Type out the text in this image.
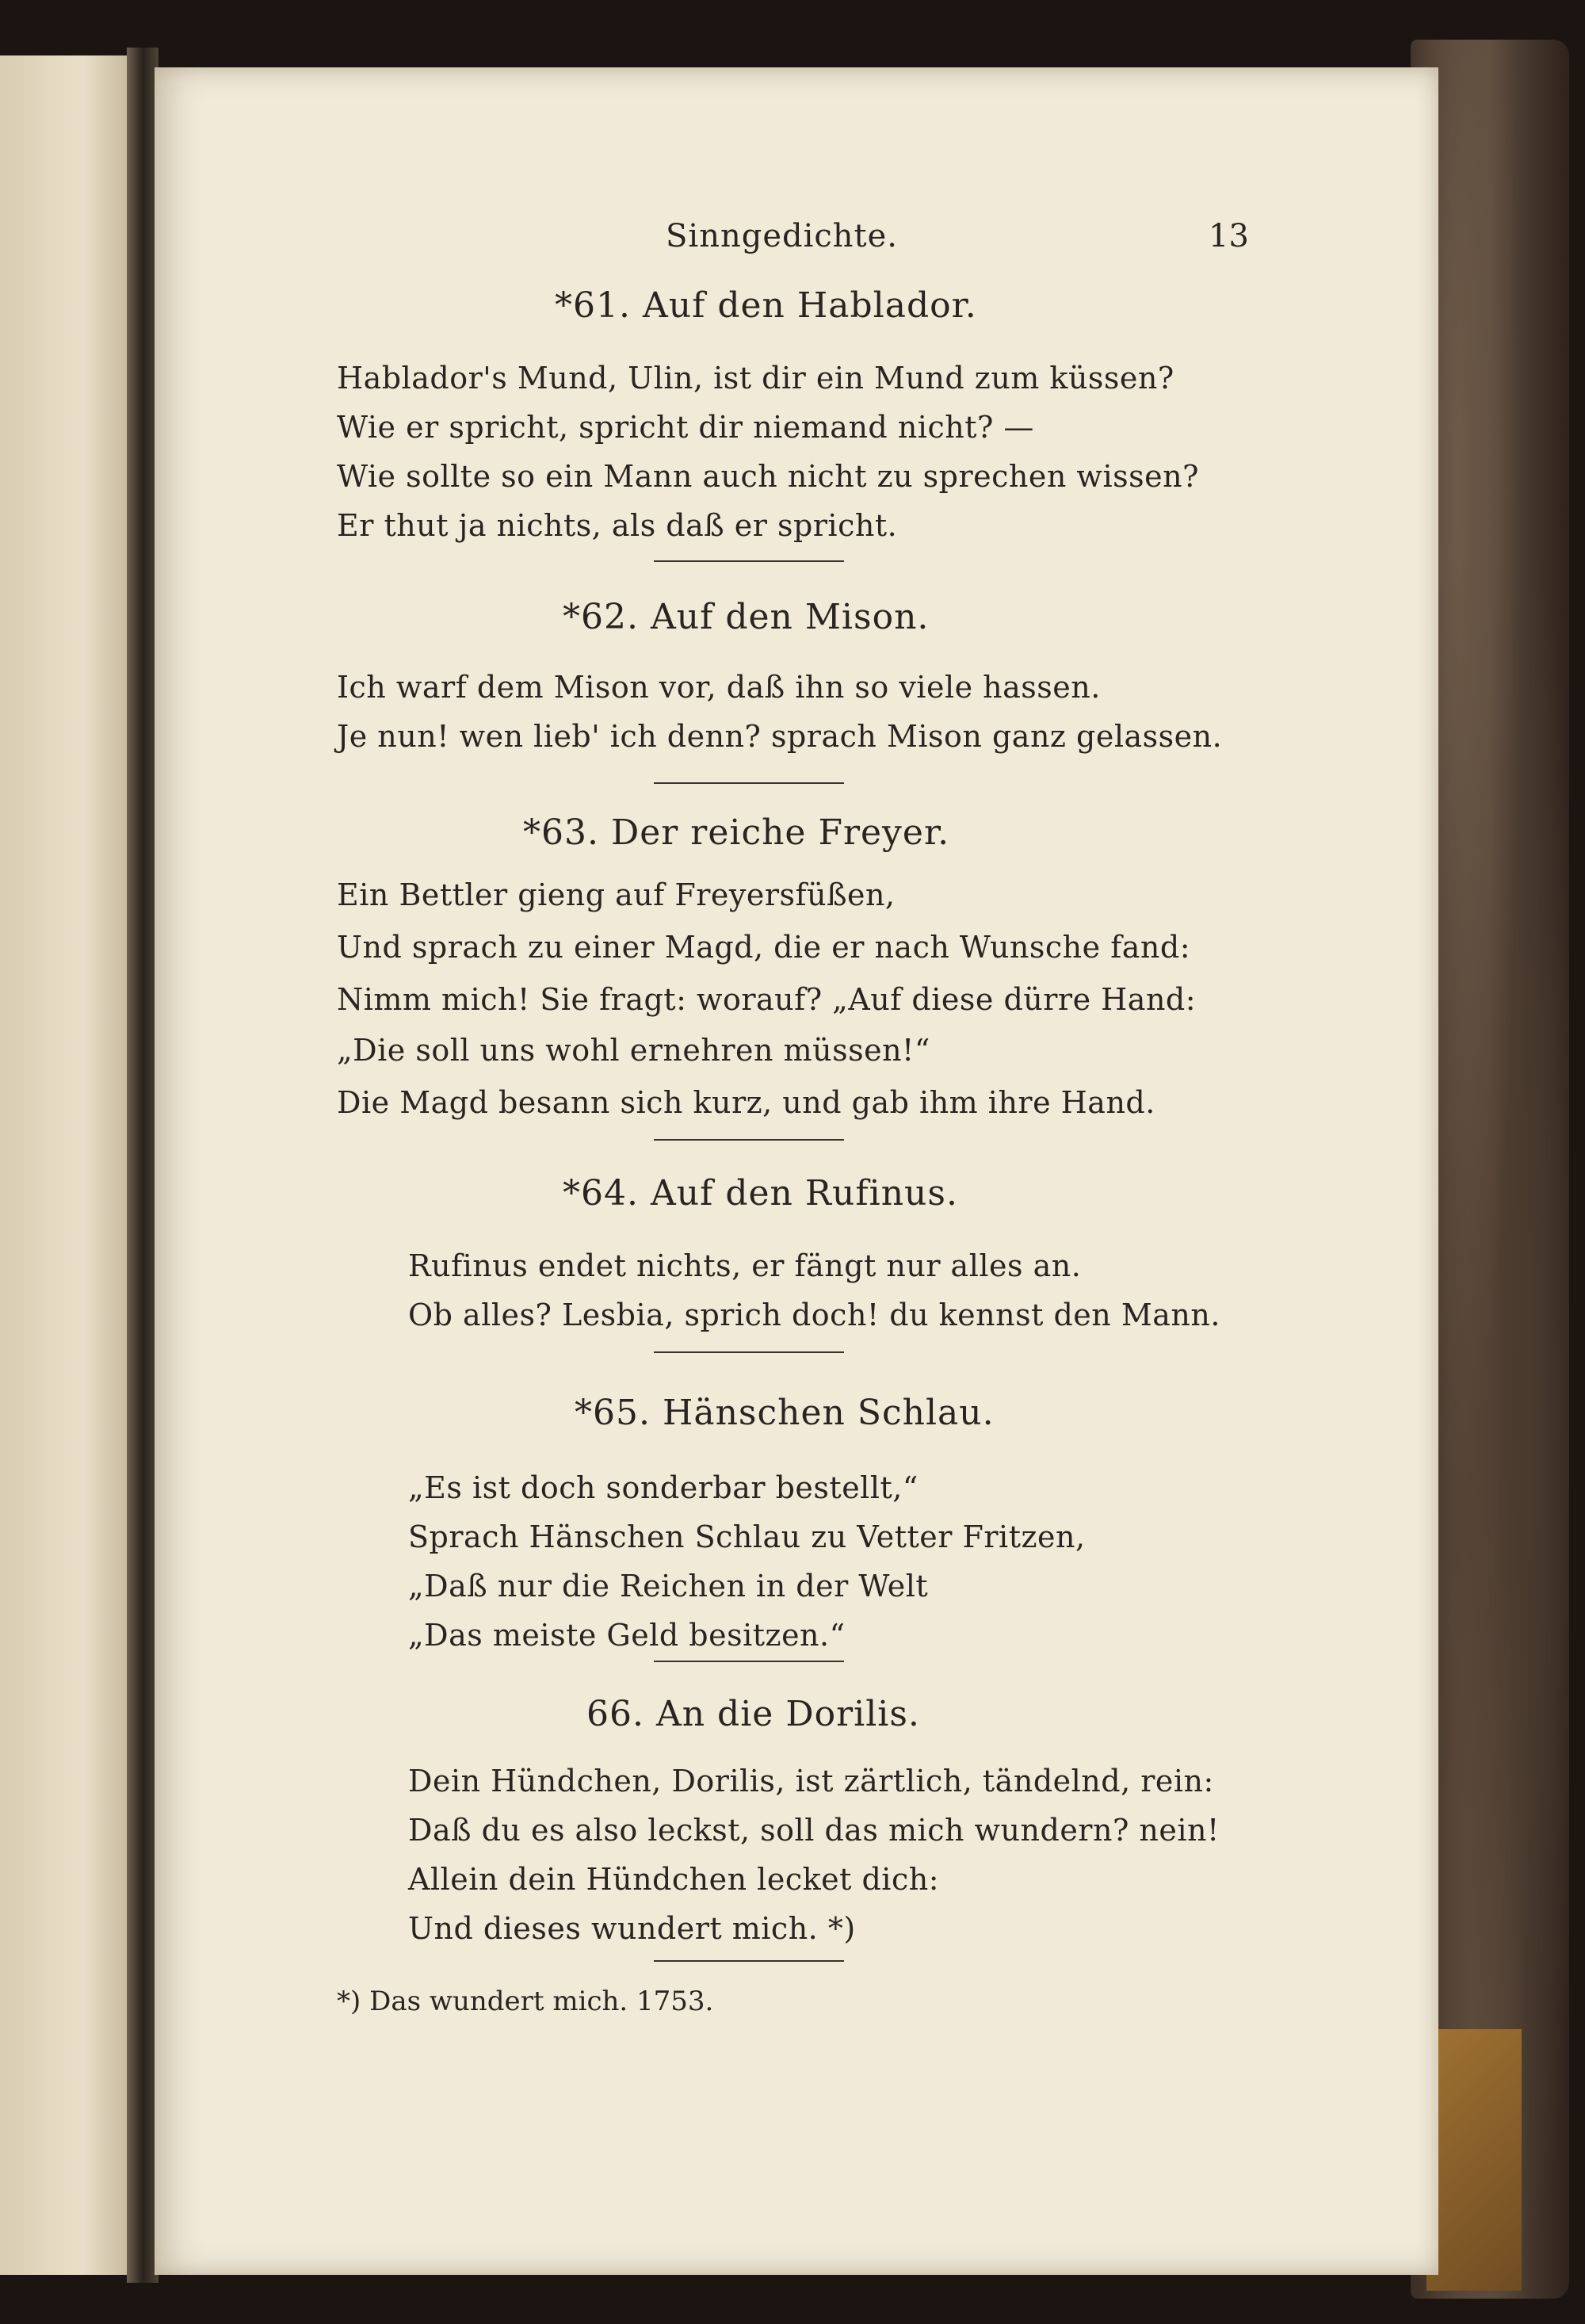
Sinngedichte.	13
*61. Auf den Hablador.
Hablador's Mund, Ulin, ist dir ein Mund zum küssen?
Wie er spricht, spricht dir niemand nicht? —
Wie sollte so ein Mann auch nicht zu sprechen wissen?
Er thut ja nichts, als daß er spricht.
*62. Auf den Mison.
Ich warf dem Mison vor, daß ihn so viele hassen.
Je nun! wen lieb' ich denn? sprach Mison ganz gelassen.
*63. Der reiche Freyer.
Ein Bettler gieng auf Freyersfüßen,
Und sprach zu einer Magd, die er nach Wunsche fand:
Nimm mich! Sie fragt: worauf? „Auf diese dürre Hand:
„Die soll uns wohl ernehren müssen!“
Die Magd besann sich kurz, und gab ihm ihre Hand.
*64. Auf den Rufinus.
Rufinus endet nichts, er fängt nur alles an.
Ob alles? Lesbia, sprich doch! du kennst den Mann.
*65. Hänschen Schlau.
„Es ist doch sonderbar bestellt,“
Sprach Hänschen Schlau zu Vetter Fritzen,
„Daß nur die Reichen in der Welt
„Das meiste Geld besitzen.“
66. An die Dorilis.
Dein Hündchen, Dorilis, ist zärtlich, tändelnd, rein:
Daß du es also leckst, soll das mich wundern? nein!
Allein dein Hündchen lecket dich:
Und dieses wundert mich. *)
*) Das wundert mich. 1753.
